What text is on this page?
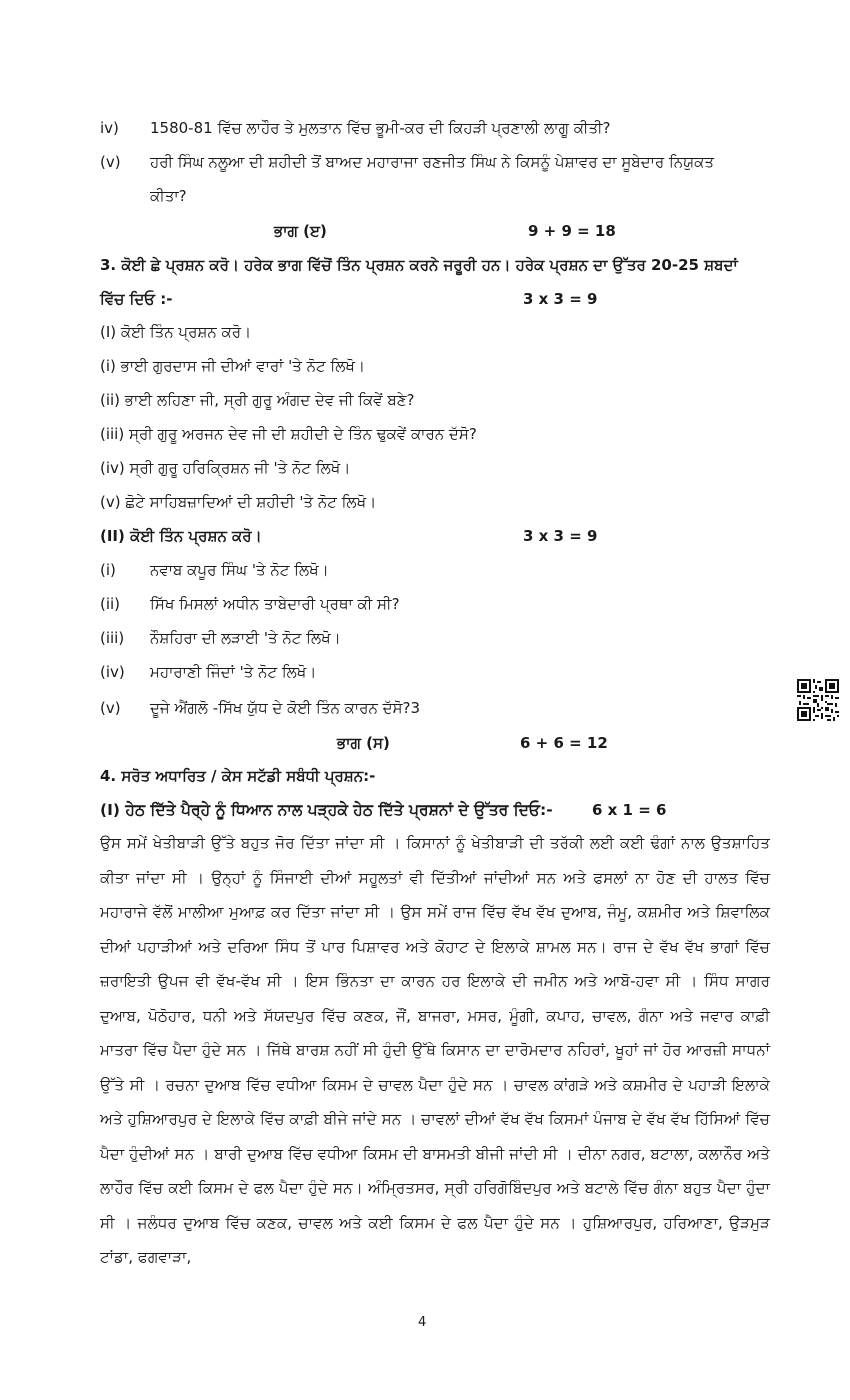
iv) 1580-81 ਵਿੱਚ ਲਾਹੌਰ ਤੇ ਮੁਲਤਾਨ ਵਿੱਚ ਭੂਮੀ-ਕਰ ਦੀ ਕਿਹੜੀ ਪ੍ਰਣਾਲੀ ਲਾਗੂ ਕੀਤੀ?
(v) ਹਰੀ ਸਿੰਘ ਨਲੂਆ ਦੀ ਸ਼ਹੀਦੀ ਤੋਂ ਬਾਅਦ ਮਹਾਰਾਜਾ ਰਣਜੀਤ ਸਿੰਘ ਨੇ ਕਿਸਨੂੰ ਪੇਸ਼ਾਵਰ ਦਾ ਸੂਬੇਦਾਰ ਨਿਯੁਕਤ
ਕੀਤਾ?
ਭਾਗ (ੲ)	9 + 9 = 18
3. ਕੋਈ ਛੇ ਪ੍ਰਸ਼ਨ ਕਰੋ। ਹਰੇਕ ਭਾਗ ਵਿੱਚੋਂ ਤਿੰਨ ਪ੍ਰਸ਼ਨ ਕਰਨੇ ਜਰੂਰੀ ਹਨ। ਹਰੇਕ ਪ੍ਰਸ਼ਨ ਦਾ ਉੱਤਰ 20-25 ਸ਼ਬਦਾਂ
ਵਿੱਚ ਦਿਓ :-	3 x 3 = 9
(I) ਕੋਈ ਤਿੰਨ ਪ੍ਰਸ਼ਨ ਕਰੋ।
(i) ਭਾਈ ਗੁਰਦਾਸ ਜੀ ਦੀਆਂ ਵਾਰਾਂ 'ਤੇ ਨੋਟ ਲਿਖੋ।
(ii) ਭਾਈ ਲਹਿਣਾ ਜੀ, ਸ੍ਰੀ ਗੁਰੂ ਅੰਗਦ ਦੇਵ ਜੀ ਕਿਵੇਂ ਬਣੇ?
(iii) ਸ੍ਰੀ ਗੁਰੂ ਅਰਜਨ ਦੇਵ ਜੀ ਦੀ ਸ਼ਹੀਦੀ ਦੇ ਤਿੰਨ ਢੁਕਵੇਂ ਕਾਰਨ ਦੱਸੋ?
(iv) ਸ੍ਰੀ ਗੁਰੂ ਹਰਿਕ੍ਰਿਸ਼ਨ ਜੀ 'ਤੇ ਨੋਟ ਲਿਖੋ।
(v) ਛੋਟੇ ਸਾਹਿਬਜ਼ਾਦਿਆਂ ਦੀ ਸ਼ਹੀਦੀ 'ਤੇ ਨੋਟ ਲਿਖੋ।
(II) ਕੋਈ ਤਿੰਨ ਪ੍ਰਸ਼ਨ ਕਰੋ।	3 x 3 = 9
(i) ਨਵਾਬ ਕਪੂਰ ਸਿੰਘ 'ਤੇ ਨੋਟ ਲਿਖੋ।
(ii) ਸਿੱਖ ਮਿਸਲਾਂ ਅਧੀਨ ਤਾਬੇਦਾਰੀ ਪ੍ਰਥਾ ਕੀ ਸੀ?
(iii) ਨੌਸ਼ਹਿਰਾ ਦੀ ਲੜਾਈ 'ਤੇ ਨੋਟ ਲਿਖੋ।
(iv) ਮਹਾਰਾਣੀ ਜਿੰਦਾਂ 'ਤੇ ਨੋਟ ਲਿਖੋ।
(v) ਦੂਜੇ ਐਂਗਲੋ -ਸਿੱਖ ਯੁੱਧ ਦੇ ਕੋਈ ਤਿੰਨ ਕਾਰਨ ਦੱਸੋ?3
ਭਾਗ (ਸ)	6 + 6 = 12
4. ਸਰੋਤ ਅਧਾਰਿਤ / ਕੇਸ ਸਟੱਡੀ ਸਬੰਧੀ ਪ੍ਰਸ਼ਨ:-
(I) ਹੇਠ ਦਿੱਤੇ ਪੈਰ੍ਹੇ ਨੂੰ ਧਿਆਨ ਨਾਲ ਪੜ੍ਹਕੇ ਹੇਠ ਦਿੱਤੇ ਪ੍ਰਸ਼ਨਾਂ ਦੇ ਉੱਤਰ ਦਿਓ:-	6 x 1 = 6
ਉਸ ਸਮੇਂ ਖੇਤੀਬਾੜੀ ਉੱਤੇ ਬਹੁਤ ਜੋਰ ਦਿੱਤਾ ਜਾਂਦਾ ਸੀ । ਕਿਸਾਨਾਂ ਨੂੰ ਖੇਤੀਬਾੜੀ ਦੀ ਤਰੱਕੀ ਲਈ ਕਈ ਢੰਗਾਂ ਨਾਲ ਉਤਸ਼ਾਹਿਤ ਕੀਤਾ ਜਾਂਦਾ ਸੀ । ਉਨ੍ਹਾਂ ਨੂੰ ਸਿੰਜਾਈ ਦੀਆਂ ਸਹੂਲਤਾਂ ਵੀ ਦਿੱਤੀਆਂ ਜਾਂਦੀਆਂ ਸਨ ਅਤੇ ਫਸਲਾਂ ਨਾ ਹੋਣ ਦੀ ਹਾਲਤ ਵਿੱਚ ਮਹਾਰਾਜੇ ਵੱਲੋਂ ਮਾਲੀਆ ਮੁਆਫ਼ ਕਰ ਦਿੱਤਾ ਜਾਂਦਾ ਸੀ । ਉਸ ਸਮੇਂ ਰਾਜ ਵਿੱਚ ਵੱਖ ਵੱਖ ਦੁਆਬ, ਜੰਮੂ, ਕਸ਼ਮੀਰ ਅਤੇ ਸ਼ਿਵਾਲਿਕ ਦੀਆਂ ਪਹਾੜੀਆਂ ਅਤੇ ਦਰਿਆ ਸਿੰਧ ਤੋਂ ਪਾਰ ਪਿਸ਼ਾਵਰ ਅਤੇ ਕੋਹਾਟ ਦੇ ਇਲਾਕੇ ਸ਼ਾਮਲ ਸਨ। ਰਾਜ ਦੇ ਵੱਖ ਵੱਖ ਭਾਗਾਂ ਵਿੱਚ ਜ਼ਰਾਇਤੀ ਉਪਜ ਵੀ ਵੱਖ-ਵੱਖ ਸੀ । ਇਸ ਭਿੰਨਤਾ ਦਾ ਕਾਰਨ ਹਰ ਇਲਾਕੇ ਦੀ ਜਮੀਨ ਅਤੇ ਆਬੋ-ਹਵਾ ਸੀ । ਸਿੰਧ ਸਾਗਰ ਦੁਆਬ, ਪੋਠੋਹਾਰ, ਧਨੀ ਅਤੇ ਸੱਯਦਪੁਰ ਵਿੱਚ ਕਣਕ, ਜੌਂ, ਬਾਜਰਾ, ਮਸਰ, ਮੂੰਗੀ, ਕਪਾਹ, ਚਾਵਲ, ਗੰਨਾ ਅਤੇ ਜਵਾਰ ਕਾਫ਼ੀ ਮਾਤਰਾ ਵਿੱਚ ਪੈਦਾ ਹੁੰਦੇ ਸਨ । ਜਿੱਥੇ ਬਾਰਸ਼ ਨਹੀਂ ਸੀ ਹੁੰਦੀ ਉੱਥੇ ਕਿਸਾਨ ਦਾ ਦਾਰੋਮਦਾਰ ਨਹਿਰਾਂ, ਖੂਹਾਂ ਜਾਂ ਹੋਰ ਆਰਜ਼ੀ ਸਾਧਨਾਂ ਉੱਤੇ ਸੀ । ਰਚਨਾ ਦੁਆਬ ਵਿੱਚ ਵਧੀਆ ਕਿਸਮ ਦੇ ਚਾਵਲ ਪੈਦਾ ਹੁੰਦੇ ਸਨ । ਚਾਵਲ ਕਾਂਗੜੇ ਅਤੇ ਕਸ਼ਮੀਰ ਦੇ ਪਹਾੜੀ ਇਲਾਕੇ ਅਤੇ ਹੁਸ਼ਿਆਰਪੁਰ ਦੇ ਇਲਾਕੇ ਵਿੱਚ ਕਾਫ਼ੀ ਬੀਜੇ ਜਾਂਦੇ ਸਨ । ਚਾਵਲਾਂ ਦੀਆਂ ਵੱਖ ਵੱਖ ਕਿਸਮਾਂ ਪੰਜਾਬ ਦੇ ਵੱਖ ਵੱਖ ਹਿੱਸਿਆਂ ਵਿੱਚ ਪੈਦਾ ਹੁੰਦੀਆਂ ਸਨ । ਬਾਰੀ ਦੁਆਬ ਵਿੱਚ ਵਧੀਆ ਕਿਸਮ ਦੀ ਬਾਸਮਤੀ ਬੀਜੀ ਜਾਂਦੀ ਸੀ । ਦੀਨਾ ਨਗਰ, ਬਟਾਲਾ, ਕਲਾਨੌਰ ਅਤੇ ਲਾਹੌਰ ਵਿੱਚ ਕਈ ਕਿਸਮ ਦੇ ਫਲ ਪੈਦਾ ਹੁੰਦੇ ਸਨ। ਅੰਮ੍ਰਿਤਸਰ, ਸ੍ਰੀ ਹਰਿਗੋਬਿੰਦਪੁਰ ਅਤੇ ਬਟਾਲੇ ਵਿੱਚ ਗੰਨਾ ਬਹੁਤ ਪੈਦਾ ਹੁੰਦਾ ਸੀ । ਜਲੰਧਰ ਦੁਆਬ ਵਿੱਚ ਕਣਕ, ਚਾਵਲ ਅਤੇ ਕਈ ਕਿਸਮ ਦੇ ਫਲ ਪੈਦਾ ਹੁੰਦੇ ਸਨ । ਹੁਸ਼ਿਆਰਪੁਰ, ਹਰਿਆਣਾ, ਉੜਮੁੜ ਟਾਂਡਾ, ਫਗਵਾੜਾ,
4
